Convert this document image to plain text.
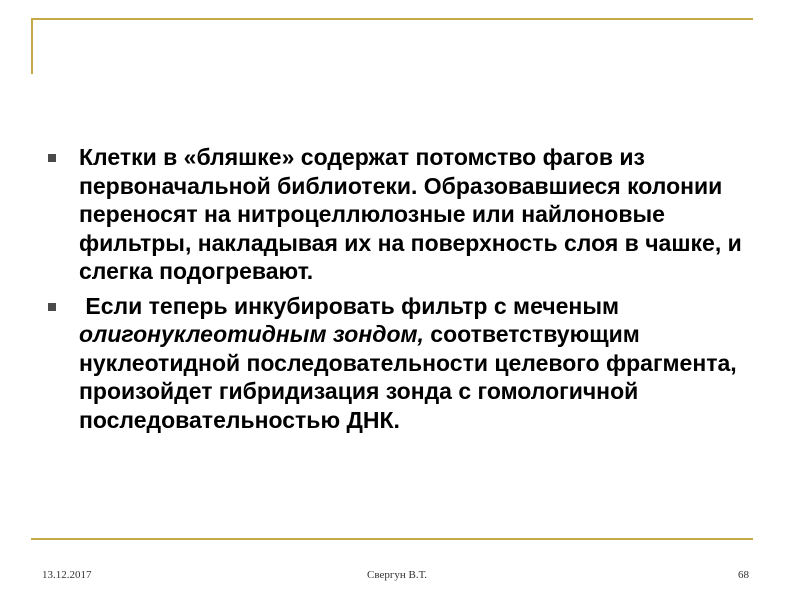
Клетки в «бляшке» содержат потомство фагов из первоначальной библиотеки. Образовавшиеся колонии переносят на нитроцеллюлозные или найлоновые фильтры, накладывая их на поверхность слоя в чашке, и слегка подогревают.

Если теперь инкубировать фильтр с меченым олигонуклеотидным зондом, соответствующим нуклеотидной последовательности целевого фрагмента, произойдет гибридизация зонда с гомологичной последовательностью ДНК.

13.12.2017	Свергун В.Т.	68
